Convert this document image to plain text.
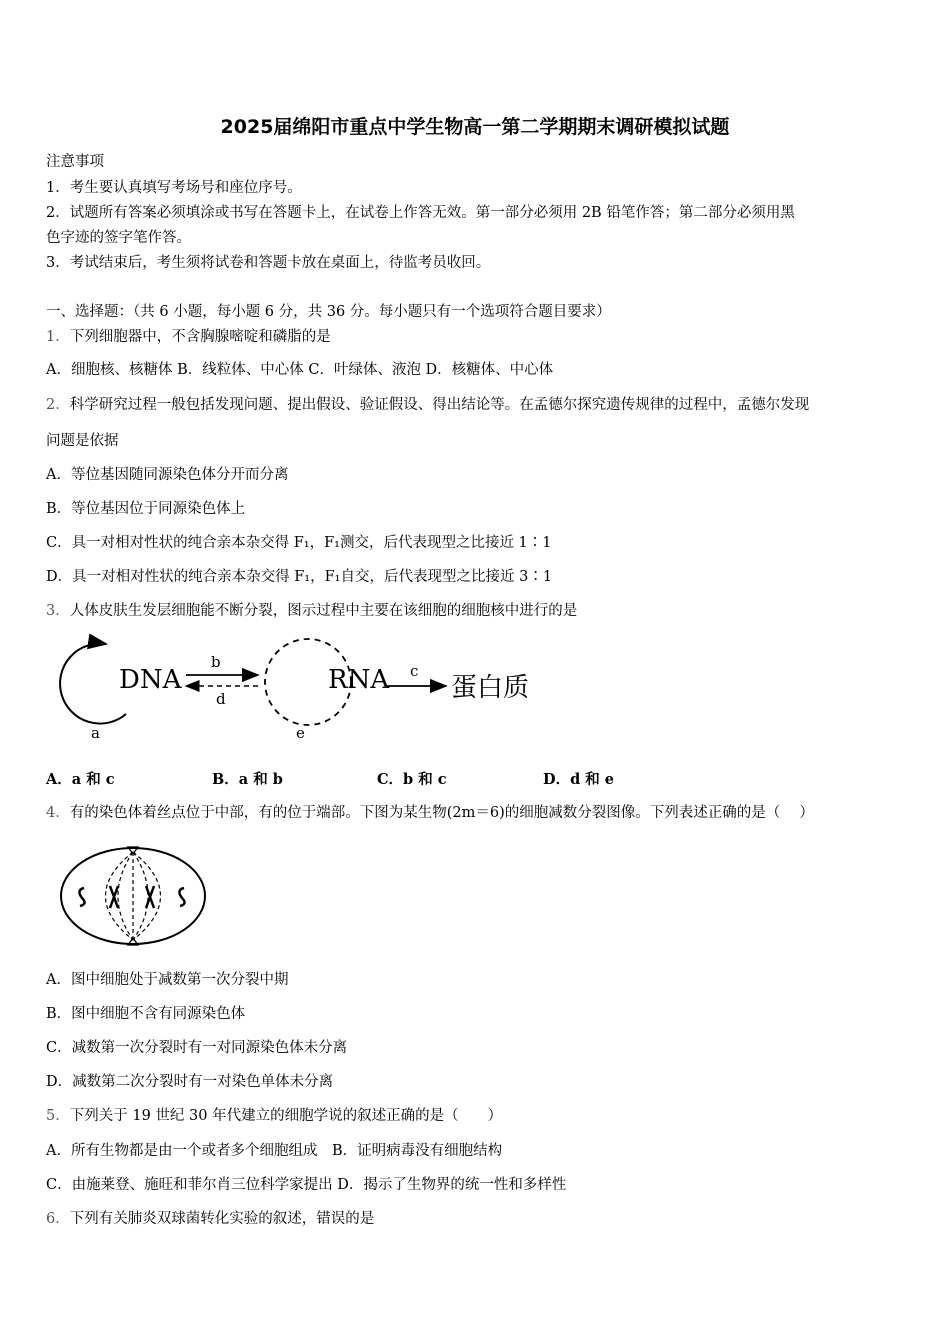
2025届绵阳市重点中学生物高一第二学期期末调研模拟试题
注意事项
1．考生要认真填写考场号和座位序号。
2．试题所有答案必须填涂或书写在答题卡上，在试卷上作答无效。第一部分必须用 2B 铅笔作答；第二部分必须用黑
色字迹的签字笔作答。
3．考试结束后，考生须将试卷和答题卡放在桌面上，待监考员收回。
一、选择题：（共 6 小题，每小题 6 分，共 36 分。每小题只有一个选项符合题目要求）
1．下列细胞器中，不含胸腺嘧啶和磷脂的是
A．细胞核、核糖体 B．线粒体、中心体 C．叶绿体、液泡 D．核糖体、中心体
2．科学研究过程一般包括发现问题、提出假设、验证假设、得出结论等。在孟德尔探究遗传规律的过程中，孟德尔发现
问题是依据
A．等位基因随同源染色体分开而分离
B．等位基因位于同源染色体上
C．具一对相对性状的纯合亲本杂交得 F₁，F₁测交，后代表现型之比接近 1∶1
D．具一对相对性状的纯合亲本杂交得 F₁，F₁自交，后代表现型之比接近 3∶1
3．人体皮肤生发层细胞能不断分裂，图示过程中主要在该细胞的细胞核中进行的是
DNA
b
d
RNA c
蛋白质
a	e
A．a 和 c	B．a 和 b	C．b 和 c	D．d 和 e
4．有的染色体着丝点位于中部，有的位于端部。下图为某生物(2m＝6)的细胞减数分裂图像。下列表述正确的是（　 ）
A．图中细胞处于减数第一次分裂中期
B．图中细胞不含有同源染色体
C．减数第一次分裂时有一对同源染色体未分离
D．减数第二次分裂时有一对染色单体未分离
5．下列关于 19 世纪 30 年代建立的细胞学说的叙述正确的是（　　）
A．所有生物都是由一个或者多个细胞组成　B．证明病毒没有细胞结构
C．由施莱登、施旺和菲尔肖三位科学家提出 D．揭示了生物界的统一性和多样性
6．下列有关肺炎双球菌转化实验的叙述，错误的是
